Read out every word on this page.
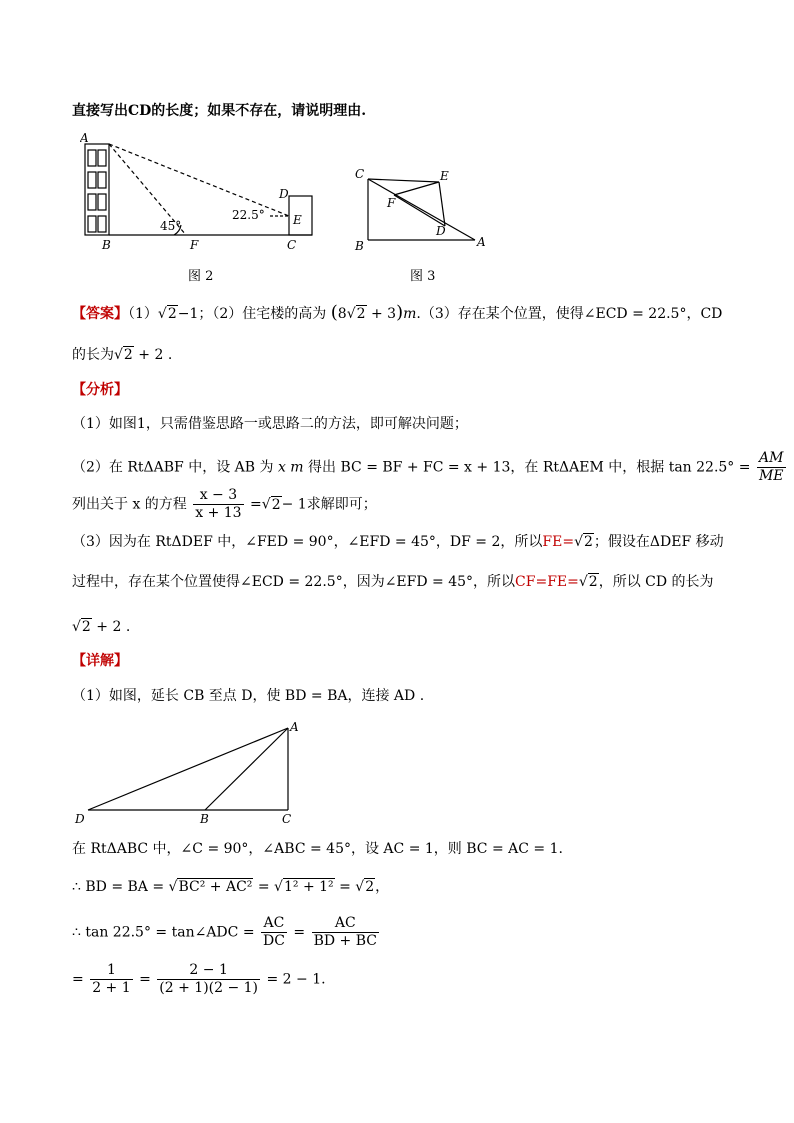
直接写出CD的长度；如果不存在，请说明理由.
A
B	F	C
D
E
45°
22.5°
图 2
C	E
F
B
D
A
图 3
【答案】（1）√2−1；（2）住宅楼的高为 (8√2 + 3)m.（3）存在某个位置，使得∠ECD = 22.5°，CD
的长为√2 + 2 .
【分析】
（1）如图1，只需借鉴思路一或思路二的方法，即可解决问题；
（2）在 RtΔABF 中，设 AB 为 x m 得出 BC = BF + FC = x + 13，在 RtΔAEM 中，根据 $\tan 22.5^\circ = \frac{AM}{ME}$
列出关于 x 的方程 $\frac{x - 3}{x + 13} =√2- 1$求解即可；
（3）因为在 RtΔDEF 中，∠FED = 90°，∠EFD = 45°，DF = 2，所以FE=√2；假设在ΔDEF 移动
过程中，存在某个位置使得∠ECD = 22.5°，因为∠EFD = 45°，所以CF=FE=√2，所以 CD 的长为
√2 + 2 .
【详解】
（1）如图，延长 CB 至点 D，使 BD = BA，连接 AD .
A
D	B	C
在 RtΔABC 中，∠C = 90°，∠ABC = 45°，设 AC = 1，则 BC = AC = 1.
∴ BD = BA = √BC² + AC² = √1² + 1² = √2，
∴ tan 22.5° = tan∠ADC = $\frac{AC}{DC} = \frac{AC}{BD + BC}$
= $\frac{1}{2 + 1} = \frac{2 - 1}{(2 + 1)(2 - 1)} = 2 - 1$.
